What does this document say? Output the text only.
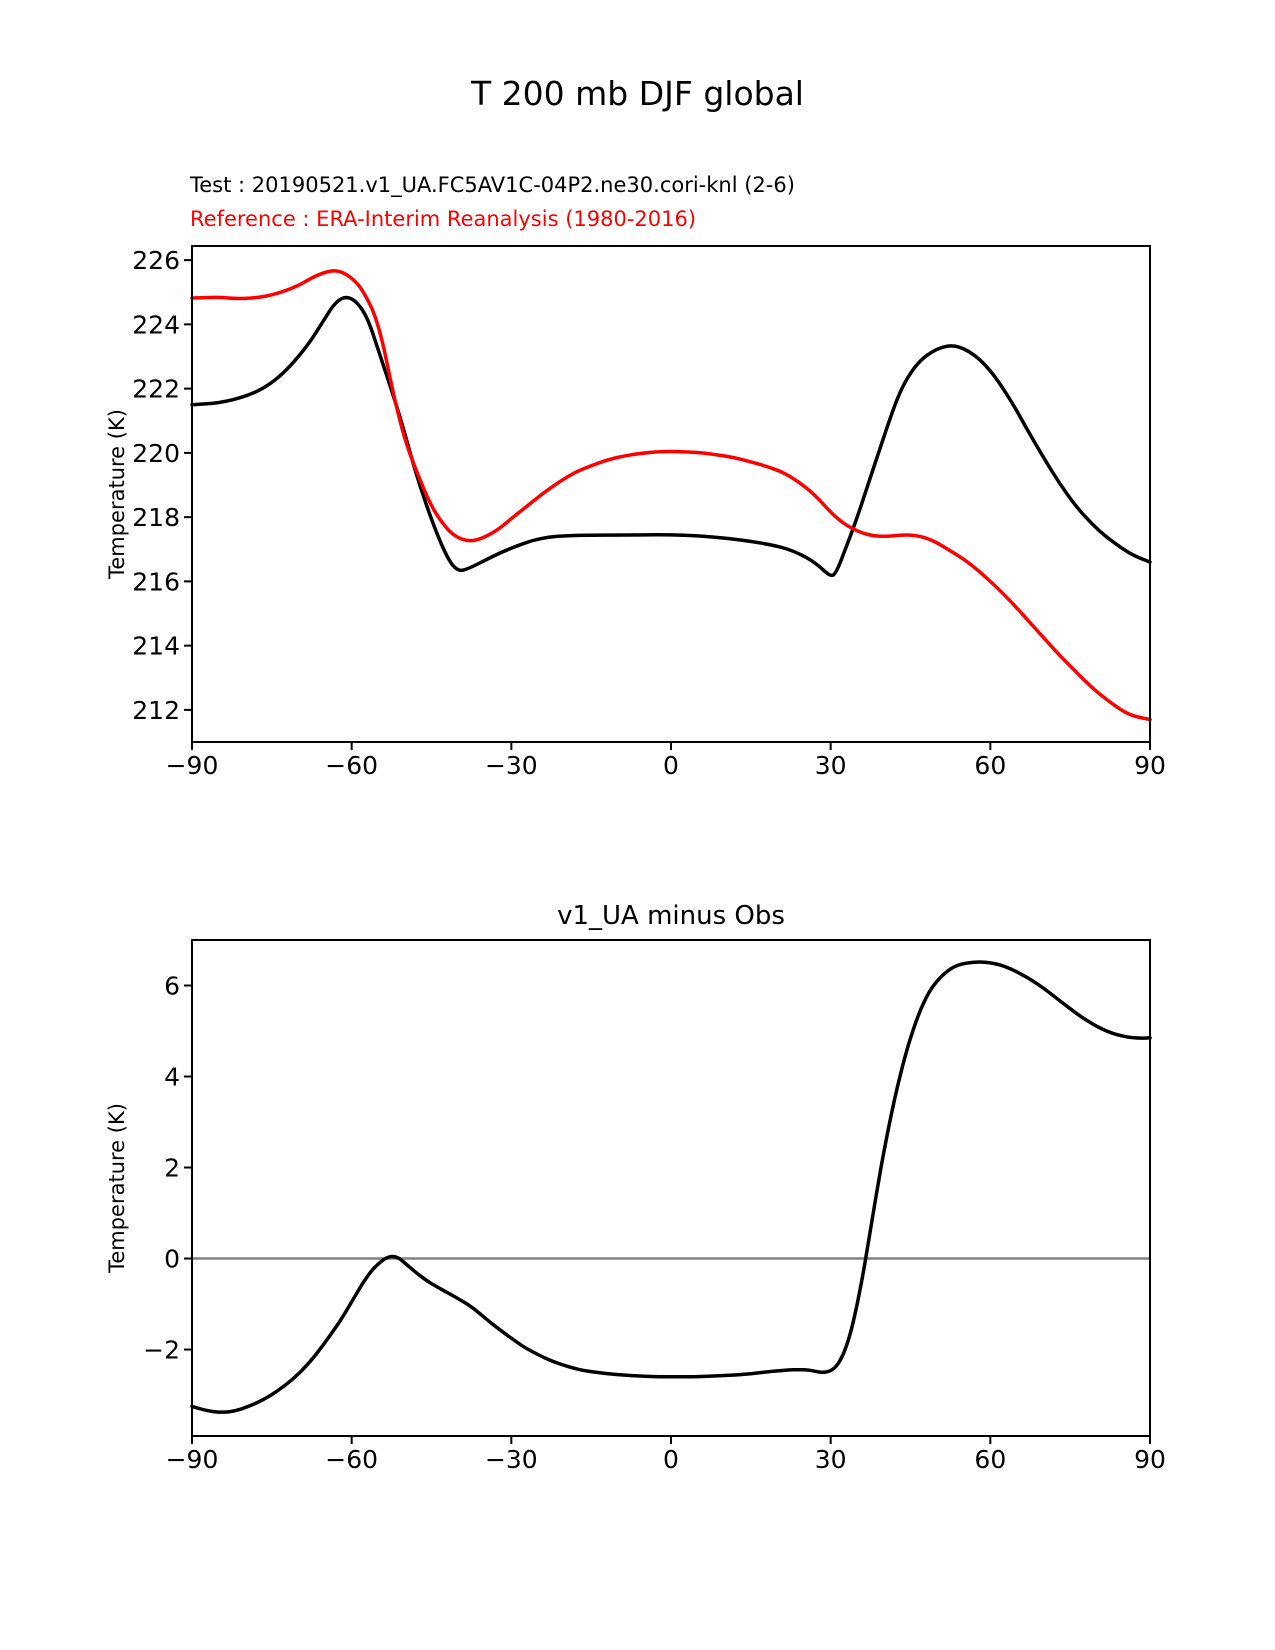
−90	−60	−30	0	30	60	90
212
214
216
218
220
222
224
226
−90	−60	−30	0	30	60	90
−2
0
2
4
6
T 200 mb DJF global
Test : 20190521.v1_UA.FC5AV1C-04P2.ne30.cori-knl (2-6)
Reference : ERA-Interim Reanalysis (1980-2016)
v1_UA minus Obs
Temperature (K)
Temperature (K)
